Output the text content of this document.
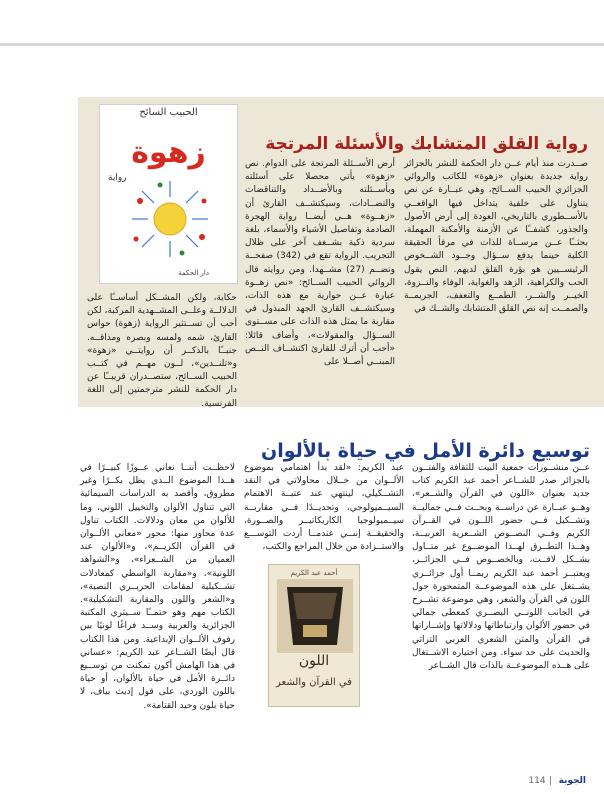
الحبيب السائح
زهوة
رواية
دار الحكمة
رواية القلق المتشابك والأسئلة المرتجة

صــدرت منذ أيام عــن دار الحكمة للنشر بالجزائر رواية جديدة بعنوان «زهوة» للكاتب والروائي الجزائري الحبيب الســائح، وهي عبــارة عن نص يتناول على خلفية يتداخل فيها الواقعــي بالأســطوري بالتاريخي، العودة إلى أرض الأصول والجذور، كشفــًا عن الأزمنة والأمكنة المهملة، بحثــًا عــن مرســاة للذات في مرفأ الحقيقة الكلية حينما يدفع ســؤال وجــود الشــخوص الرئيســيين هو بؤرة القلق لديهم. النص يقول الحب والكراهية، الزهد والغواية، الوفاء والنــزوة، الخيــر والشــر، الطمــع والتعفف، الجريمــة والصمــت إنه نص القلق المتشابك والشــك في

أرض الأســئلة المرتجة على الدوام. نص «زهوة» يأتي محصلا على أسئلته وبأســئلته وبالأضــداد والتناقضات والتضــادات، وسيكتشــف القارئ أن «زهــوة» هــي أيضــا رواية الهجرة الصادمة وتفاصيل الأشياء والأسماء، بلغة سردية ذكية بشــغف آخر على ظلال التجريب. الرواية تقع في (342) صفحــة وتضــم (27) مشــهدا. ومن روايته قال الروائي الحبيب الســائح: «نص زهــوة عبارة عــن حوارية مع هذه الذات، وسيكتشــف القارئ الجهد المبذول في مقاربة ما يمثل هذه الذات على مســتوى الســؤال والمقولات»، وأضاف قائلا: «أحب أن أترك للقارئ اكتشــاف النــص المبنــي أصــلا على

حكاية، ولكن المشــكل أساســًا على الدلالــة وعلــى المشــهدية المركبة، لكن أحب أن تســتثير الرواية (زهوة) حواس القارئ، شمه ولمسه وبصره ومذاقــه. جنبــًا بالذكــر أن روايتــي «زهوة» و«تلنــدين»، لــون مهــم في كتــب الحبيب الســائح، ستصــدران قريبــًا عن دار الحكمة للنشر مترجمتين إلى اللغة الفرنسية.

توسيع دائرة الأمل في حياة بالألوان

عــن منشــورات جمعية البيت للثقافة والفنــون بالجزائر صدر للشــاعر أحمد عبد الكريم كتاب جديد بعنوان «اللون في القرآن والشــعر»، وهــو عبــارة عن دراســة وبحــث فــي جماليــة وتشــكيل فــي حضور اللــون في القــرآن الكريم وفــي النصــوص الشــعرية العربيــة، وهــذا التطــرق لهــذا الموضــوع غير متــاول بشــكل لافــت، وبالخصــوص فــي الجزائــر، ويعتبــر أحمد عبد الكريم ربمــا أول جزائــري يشــتغل على هذه الموضوعــة المتمحورة حول اللون في القرآن والشعر، وهي موضوعة تشــرح في الجانب اللونــي البصــري كمعطى جمالي في حضور الألوان وارتباطاتها ودلالاتها وإشــاراتها في القرآن والمتن الشعري العربي التراثي والحديث على حد سواء. ومن اختياره الاشــتغال على هــذه الموضوعــة بالذات قال الشــاعر

عبد الكريم: «لقد بدأ اهتمامي بموضوع الألــوان من خــلال محاولاتي في النقد التشــكيلي، لينتهي عند عتبــة الاهتمام السيــميولوجي، وتحديــدًا فــي مقاربــة سيــميولوجيا الكاريكاتيــر والصــورة، والحقيقــة إننــي عندمــا أردت التوســـع والاستــزادة من خلال المراجع والكتب،

لاحظــت أننــا نعاني عــوزًا كبيــرًا في هــذا الموضوع الــذي يظل بكــرًا وغير مطروق، وأقصد به الدراسات السيمائية التي تتناول الألوان والتخييل اللوني، وما للألوان من معان ودلالات. الكتاب تناول عدة محاور منها: محور «معاني الألــوان في القرآن الكريــم»، و«الألوان عند العميان من الشــعراء»، و«الشواهد اللونية»، و«مقاربة الواسطي كمعادلات تشــكيلية لمقامات الحريــري النصية»، و«الشعر واللون والمقاربة التشكيلية». الكتاب مهم وهو حتمــًا ســيثري المكتبة الجزائرية والعربية وســد فراغًا لونيًا بين رفوف الألــوان الإبداعية. ومن هذا الكتاب قال أيضًا الشــاعر عبد الكريم: «عساني في هذا الهامش أكون تمكنت من توســيع دائــرة الأمل في حياة بالألوان، أو حياة باللون الوردي، على قول إديث بياف، لا حياة بلون وحيد القتامة».

أحمد عبد الكريم
اللون
في القرآن والشعر
الجوبة114
